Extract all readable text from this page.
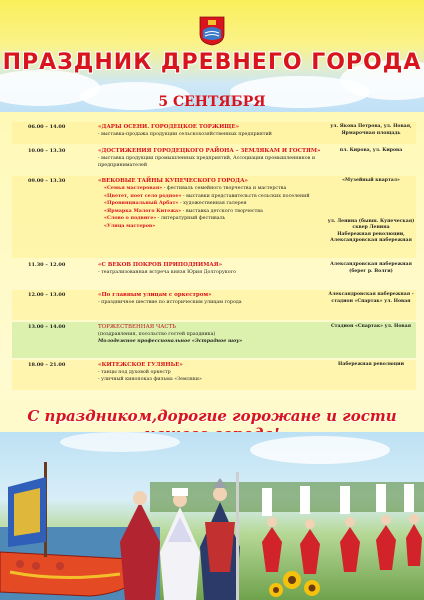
ПРАЗДНИК ДРЕВНЕГО ГОРОДА
5 СЕНТЯБРЯ
06.00 – 14.00	«ДАРЫ ОСЕНИ. ГОРОДЕЦКОЕ ТОРЖИЩЕ»
- выставка-продажа продукции сельскохозяйственных предприятий
ул. Якова Петрова, ул. Новая, Ярмарочная площадь
10.00 – 13.30	«ДОСТИЖЕНИЯ ГОРОДЕЦКОГО РАЙОНА – ЗЕМЛЯКАМ И ГОСТЯМ»
- выставка продукции промышленных предприятий, Ассоциации промышленников и предпринимателей
пл. Кирова, ул. Кирова
09.00 – 13.30	«ВЕКОВЫЕ ТАЙНЫ КУПЕЧЕСКОГО ГОРОДА»
«Семья мастеровая» - фестиваль семейного творчества и мастерства
«Цветет, поет село родное» - выставки представительств сельских поселений
«Провинциальный Арбат» - художественная галерея
«Ярмарка Малого Китежа» - выставка детского творчества
«Слово о подвиге» - литературный фестиваль
«Улица мастеров»
«Музейный квартал»
ул. Ленина (бывш. Купеческая)
сквер Ленина
Набережная революции, Александровская набережная
11.30 – 12.00	«С ВЕКОВ ПОКРОВ ПРИПОДНИМАЯ»
- театрализованная встреча князя Юрия Долгорукого
Александровская набережная (берег р. Волги)
12.00 – 13.00	«По главным улицам с оркестром»
- праздничное шествие по историческим улицам города
Александровская набережная - стадион «Спартак» ул. Новая
13.00 – 14.00	ТОРЖЕСТВЕННАЯ ЧАСТЬ
(поздравления, посольство гостей праздника)
Молодежное профессиональное «Эстрадное шоу»
Стадион «Спартак» ул. Новая
18.00 – 21.00	«КИТЕЖСКОЕ ГУЛЯНЬЕ»
- танцы под духовой оркестр
- уличный кинопоказ фильма «Земляки»
Набережная революции
С праздником,дорогие горожане и гости
